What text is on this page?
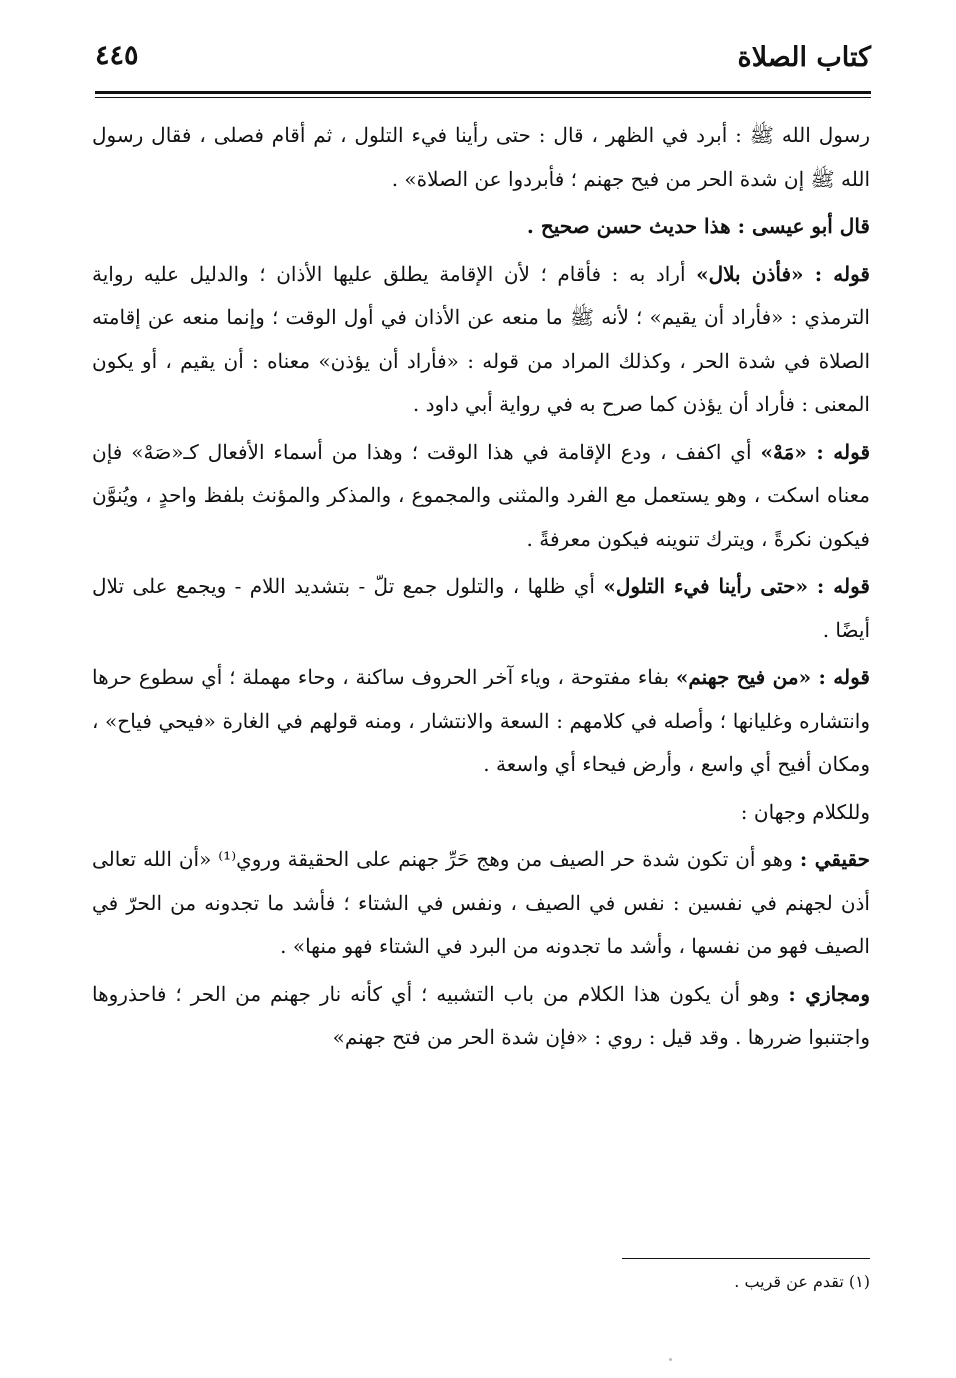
كتاب الصلاة
٤٤٥

رسول الله ﷺ : أبرد في الظهر ، قال : حتى رأينا فيء التلول ، ثم أقام فصلى ، فقال رسول الله ﷺ إن شدة الحر من فيح جهنم ؛ فأبردوا عن الصلاة» .

قال أبو عيسى : هذا حديث حسن صحيح .

قوله : «فأذن بلال» أراد به : فأقام ؛ لأن الإقامة يطلق عليها الأذان ؛ والدليل عليه رواية الترمذي : «فأراد أن يقيم» ؛ لأنه ﷺ ما منعه عن الأذان في أول الوقت ؛ وإنما منعه عن إقامته الصلاة في شدة الحر ، وكذلك المراد من قوله : «فأراد أن يؤذن» معناه : أن يقيم ، أو يكون المعنى : فأراد أن يؤذن كما صرح به في رواية أبي داود .

قوله : «مَهْ» أي اكفف ، ودع الإقامة في هذا الوقت ؛ وهذا من أسماء الأفعال كـ«صَهْ» فإن معناه اسكت ، وهو يستعمل مع الفرد والمثنى والمجموع ، والمذكر والمؤنث بلفظ واحدٍ ، ويُنوَّن فيكون نكرةً ، ويترك تنوينه فيكون معرفةً .

قوله : «حتى رأينا فيء التلول» أي ظلها ، والتلول جمع تلّ - بتشديد اللام - ويجمع على تلال أيضًا .

قوله : «من فيح جهنم» بفاء مفتوحة ، وياء آخر الحروف ساكنة ، وحاء مهملة ؛ أي سطوع حرها وانتشاره وغليانها ؛ وأصله في كلامهم : السعة والانتشار ، ومنه قولهم في الغارة «فيحي فياح» ، ومكان أفيح أي واسع ، وأرض فيحاء أي واسعة .

وللكلام وجهان :

حقيقي : وهو أن تكون شدة حر الصيف من وهج حَرِّ جهنم على الحقيقة وروي⁽¹⁾ «أن الله تعالى أذن لجهنم في نفسين : نفس في الصيف ، ونفس في الشتاء ؛ فأشد ما تجدونه من الحرّ في الصيف فهو من نفسها ، وأشد ما تجدونه من البرد في الشتاء فهو منها» .

ومجازي : وهو أن يكون هذا الكلام من باب التشبيه ؛ أي كأنه نار جهنم من الحر ؛ فاحذروها واجتنبوا ضررها . وقد قيل : روي : «فإن شدة الحر من فتح جهنم»

(١) تقدم عن قريب .
